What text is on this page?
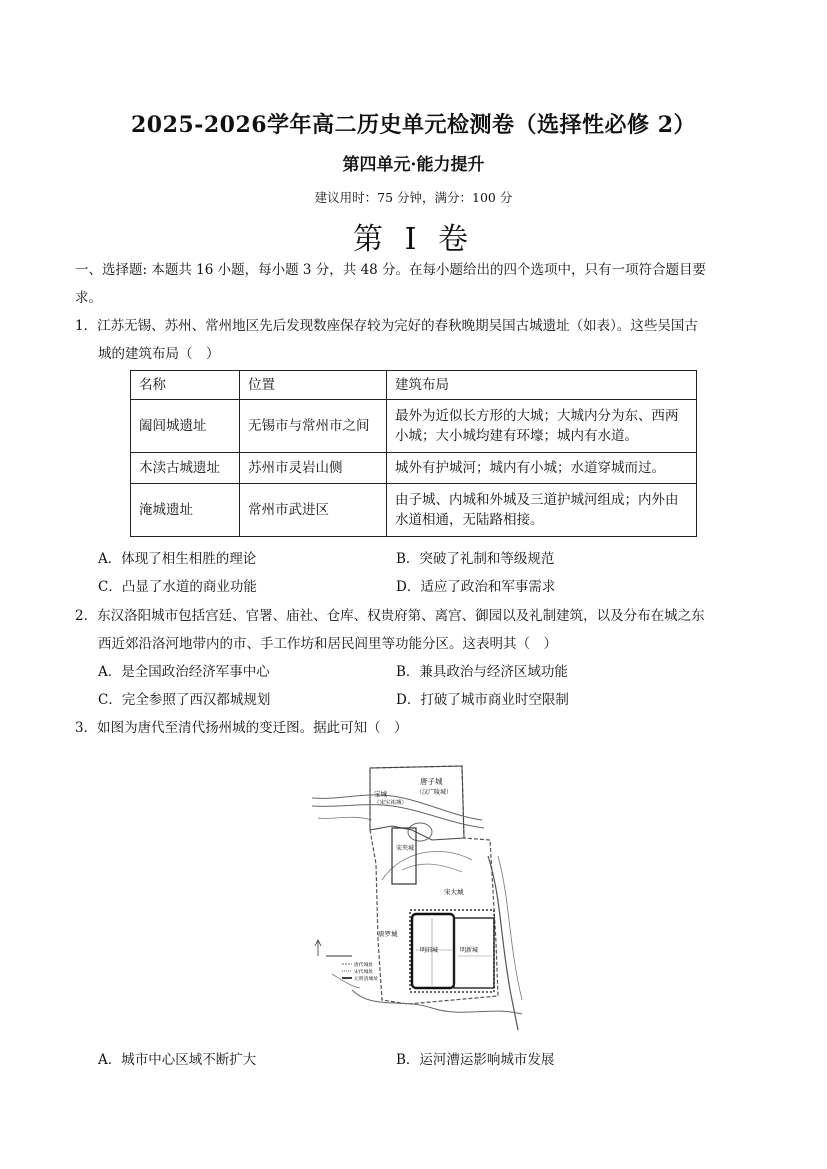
2025-2026学年高二历史单元检测卷（选择性必修 2）
第四单元·能力提升
建议用时：75 分钟，满分：100 分
第 I 卷
一、选择题: 本题共 16 小题，每小题 3 分，共 48 分。在每小题给出的四个选项中，只有一项符合题目要
求。
1．江苏无锡、苏州、常州地区先后发现数座保存较为完好的春秋晚期吴国古城遗址（如表）。这些吴国古
城的建筑布局（　）
名称	位置	建筑布局
阖闾城遗址	无锡市与常州市之间	最外为近似长方形的大城；大城内分为东、西两小城；大小城均建有环壕；城内有水道。
木渎古城遗址	苏州市灵岩山侧	城外有护城河；城内有小城；水道穿城而过。
淹城遗址	常州市武进区	由子城、内城和外城及三道护城河组成；内外由水道相通，无陆路相接。
A．体现了相生相胜的理论	B．突破了礼制和等级规范
C．凸显了水道的商业功能	D．适应了政治和军事需求
2．东汉洛阳城市包括宫廷、官署、庙社、仓库、权贵府第、离宫、御园以及礼制建筑，以及分布在城之东
西近郊沿洛河地带内的市、手工作坊和居民闾里等功能分区。这表明其（　）
A．是全国政治经济军事中心	B．兼具政治与经济区域功能
C．完全参照了西汉都城规划	D．打破了城市商业时空限制
3．如图为唐代至清代扬州城的变迁图。据此可知（　）
唐子城
（汉广陵城）
宝城
（宋宝祐城）
宋夹城
宋大城
唐罗城
明旧城	明新城
唐代城址
宋代城址
元明清城址
A．城市中心区域不断扩大	B．运河漕运影响城市发展
